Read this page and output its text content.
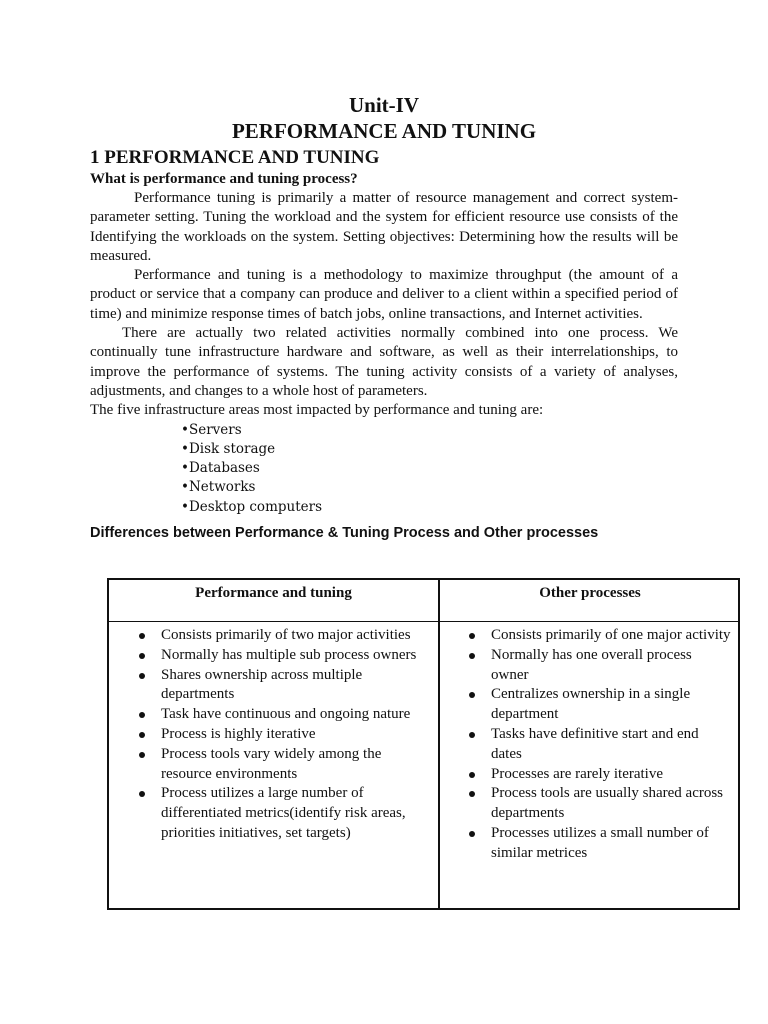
Unit-IV
PERFORMANCE AND TUNING
1 PERFORMANCE AND TUNING
What is performance and tuning process?

Performance tuning is primarily a matter of resource management and correct system-parameter setting. Tuning the workload and the system for efficient resource use consists of the Identifying the workloads on the system. Setting objectives: Determining how the results will be measured.

Performance and tuning is a methodology to maximize throughput (the amount of a product or service that a company can produce and deliver to a client within a specified period of time) and minimize response times of batch jobs, online transactions, and Internet activities.

There are actually two related activities normally combined into one process. We continually tune infrastructure hardware and software, as well as their interrelationships, to improve the performance of systems. The tuning activity consists of a variety of analyses, adjustments, and changes to a whole host of parameters.

The five infrastructure areas most impacted by performance and tuning are:

• Servers
• Disk storage
• Databases
• Networks
• Desktop computers
Differences between Performance & Tuning Process and Other processes
Performance and tuning	Other processes
Consists primarily of two major activities
Normally has multiple sub process owners
Shares ownership across multiple departments
Task have continuous and ongoing nature
Process is highly iterative
Process tools vary widely among the resource environments
Process utilizes a large number of differentiated metrics(identify risk areas, priorities initiatives, set targets)
Consists primarily of one major activity
Normally has one overall process owner
Centralizes ownership in a single department
Tasks have definitive start and end dates
Processes are rarely iterative
Process tools are usually shared across departments
Processes utilizes a small number of similar metrices
